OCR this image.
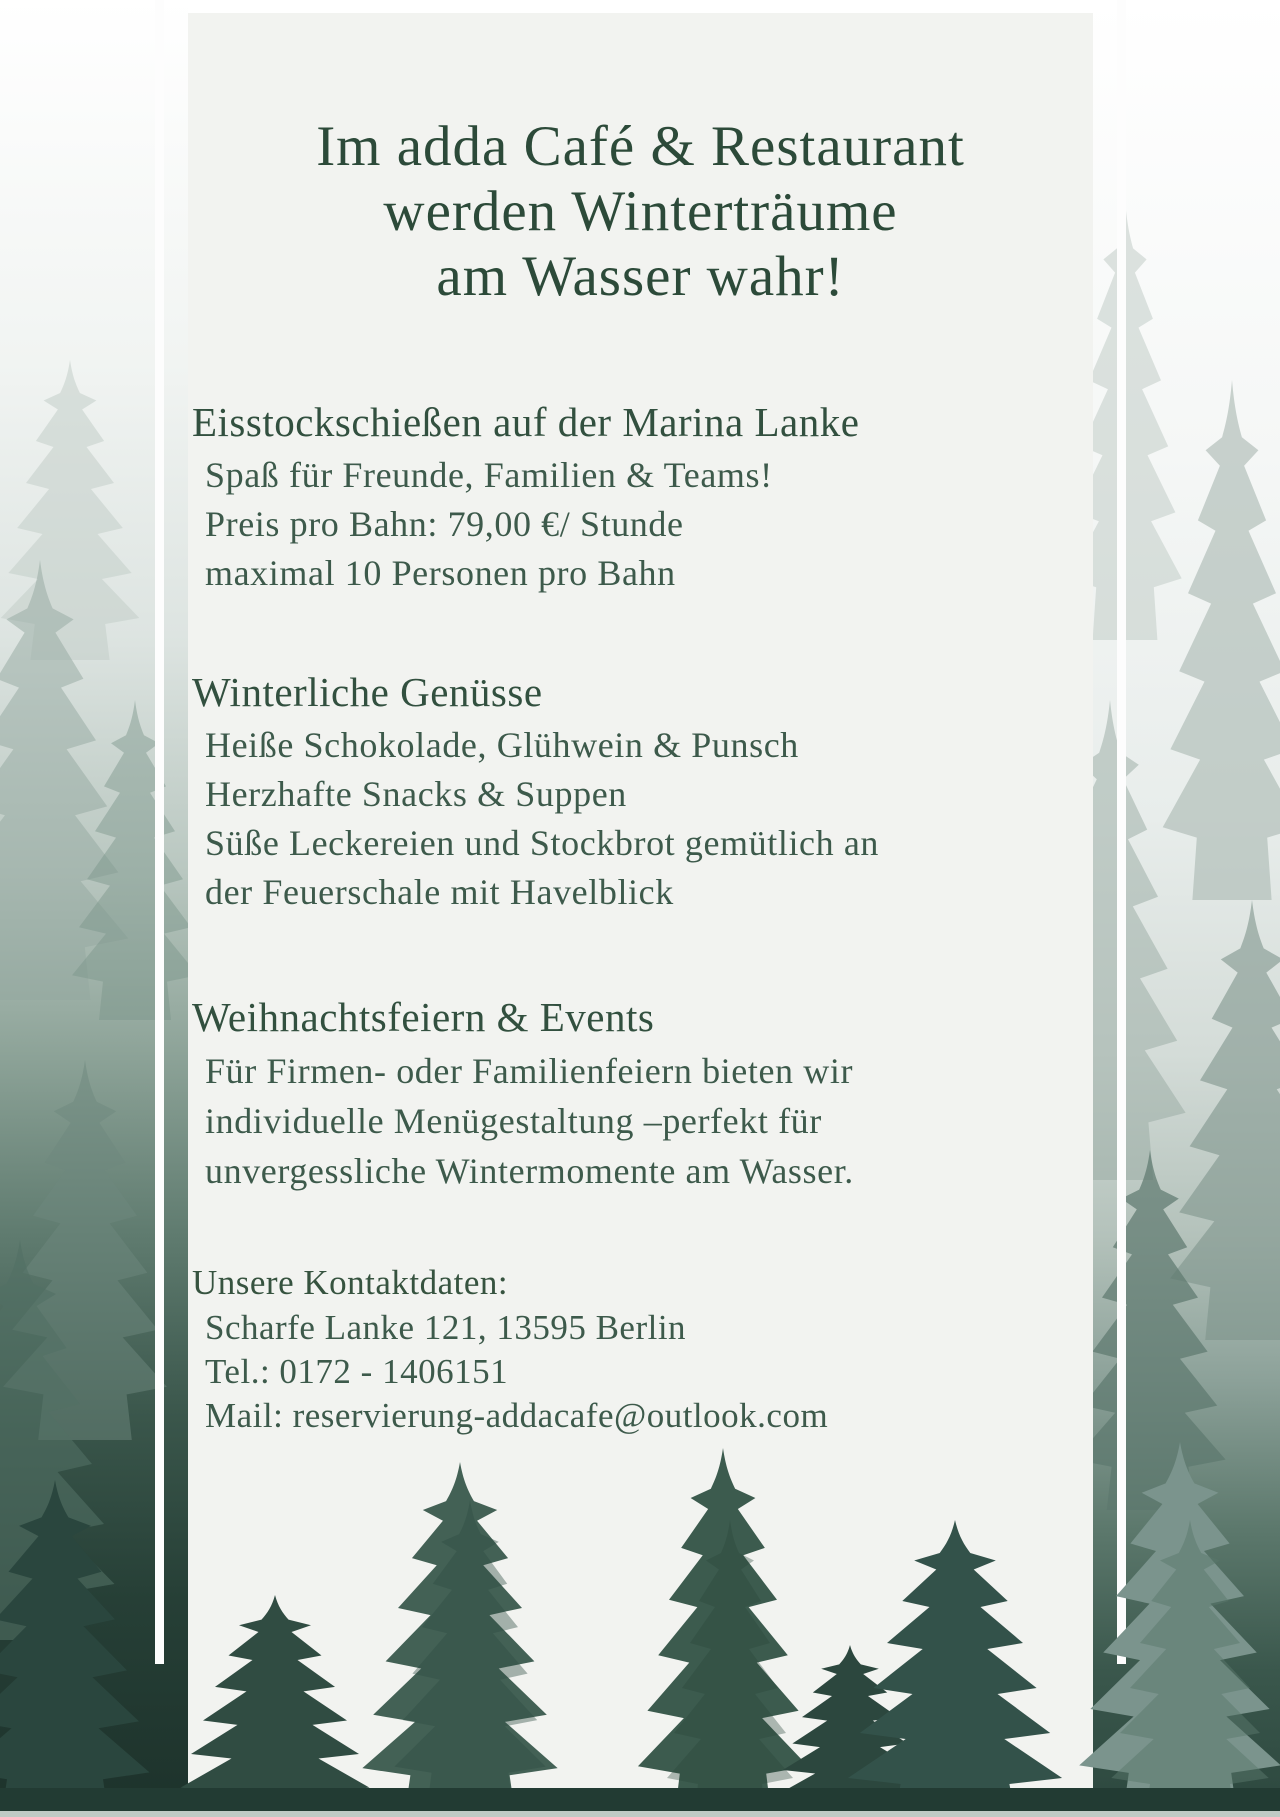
Im adda Café & Restaurant
werden Winterträume
am Wasser wahr!
Eisstockschießen auf der Marina Lanke
Spaß für Freunde, Familien & Teams!
Preis pro Bahn: 79,00 €/ Stunde
maximal 10 Personen pro Bahn
Winterliche Genüsse
Heiße Schokolade, Glühwein & Punsch
Herzhafte Snacks & Suppen
Süße Leckereien und Stockbrot gemütlich an
der Feuerschale mit Havelblick
Weihnachtsfeiern & Events
Für Firmen- oder Familienfeiern bieten wir
individuelle Menügestaltung –perfekt für
unvergessliche Wintermomente am Wasser.
Unsere Kontaktdaten:
Scharfe Lanke 121, 13595 Berlin
Tel.: 0172 - 1406151
Mail: reservierung-addacafe@outlook.com
